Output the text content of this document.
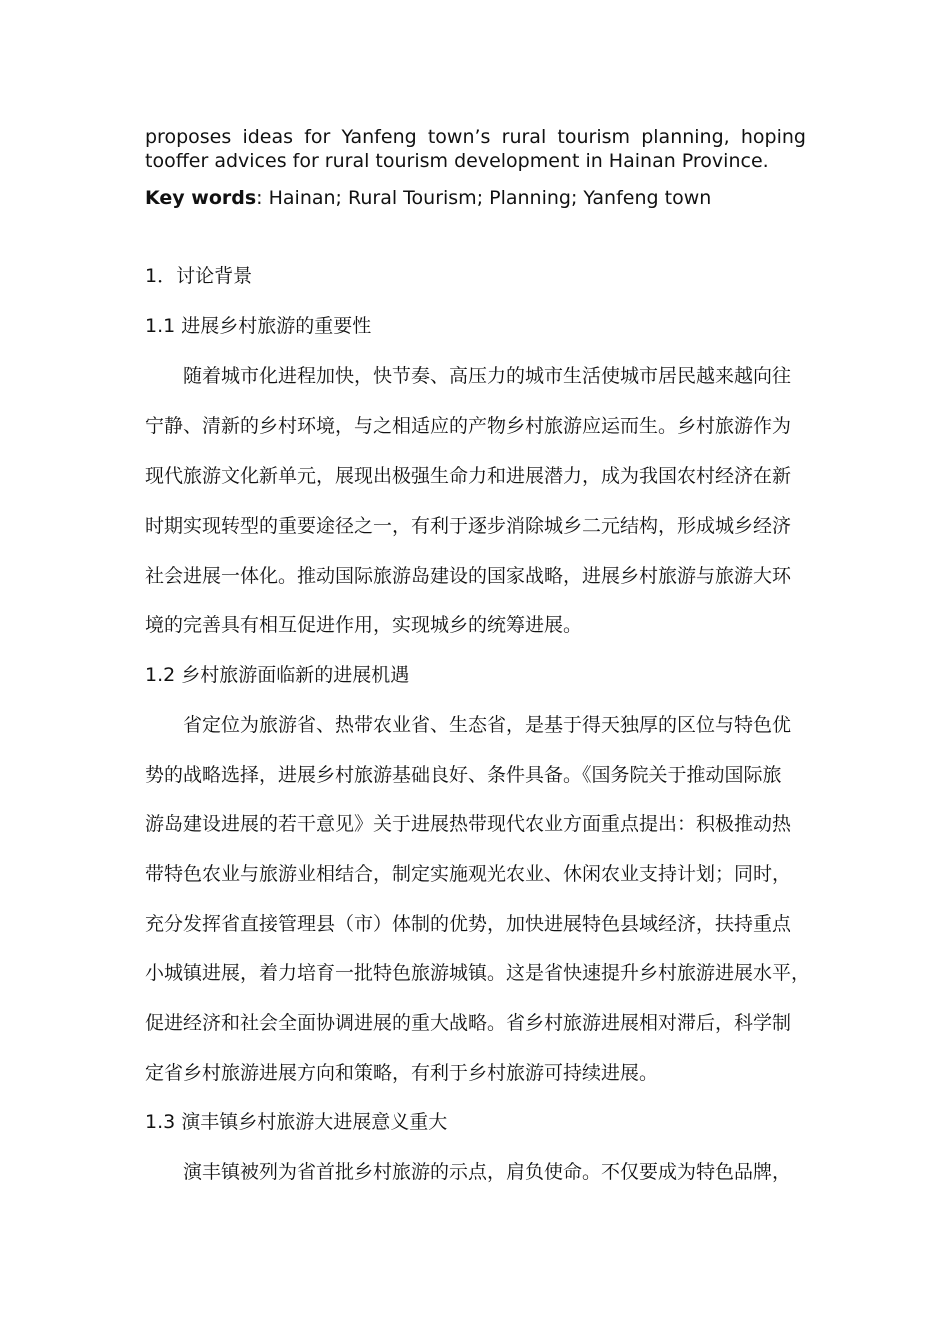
proposes ideas for Yanfeng town’s rural tourism planning, hoping

tooffer advices for rural tourism development in Hainan Province.

Key words: Hainan; Rural Tourism; Planning; Yanfeng town

1．讨论背景

1.1 进展乡村旅游的重要性

随着城市化进程加快，快节奏、高压力的城市生活使城市居民越来越向往

宁静、清新的乡村环境，与之相适应的产物乡村旅游应运而生。乡村旅游作为

现代旅游文化新单元，展现出极强生命力和进展潜力，成为我国农村经济在新

时期实现转型的重要途径之一，有利于逐步消除城乡二元结构，形成城乡经济

社会进展一体化。推动国际旅游岛建设的国家战略，进展乡村旅游与旅游大环

境的完善具有相互促进作用，实现城乡的统筹进展。

1.2 乡村旅游面临新的进展机遇

省定位为旅游省、热带农业省、生态省，是基于得天独厚的区位与特色优

势的战略选择，进展乡村旅游基础良好、条件具备。《国务院关于推动国际旅

游岛建设进展的若干意见》关于进展热带现代农业方面重点提出：积极推动热

带特色农业与旅游业相结合，制定实施观光农业、休闲农业支持计划；同时，

充分发挥省直接管理县（市）体制的优势，加快进展特色县域经济，扶持重点

小城镇进展，着力培育一批特色旅游城镇。这是省快速提升乡村旅游进展水平，

促进经济和社会全面协调进展的重大战略。省乡村旅游进展相对滞后，科学制

定省乡村旅游进展方向和策略，有利于乡村旅游可持续进展。

1.3 演丰镇乡村旅游大进展意义重大

演丰镇被列为省首批乡村旅游的示点，肩负使命。不仅要成为特色品牌，
